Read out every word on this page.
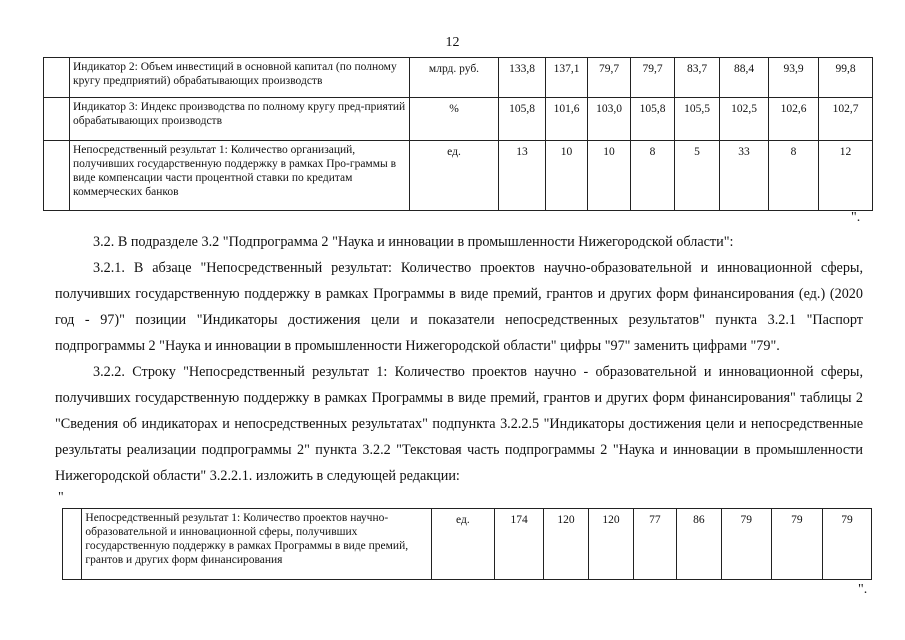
12
	Индикатор 2: Объем инвестиций в основной капитал (по полному кругу предприятий) обрабатывающих производств	млрд. руб.	133,8	137,1	79,7	79,7	83,7	88,4	93,9	99,8
	Индикатор 3: Индекс производства по полному кругу пред-приятий обрабатывающих производств	%	105,8	101,6	103,0	105,8	105,5	102,5	102,6	102,7
	Непосредственный результат 1: Количество организаций, получивших государственную поддержку в рамках Про-граммы в виде компенсации части процентной ставки по кредитам коммерческих банков	ед.	13	10	10	8	5	33	8	12
".

3.2. В подразделе 3.2 "Подпрограмма 2 "Наука и инновации в промышленности Нижегородской области":

3.2.1. В абзаце "Непосредственный результат: Количество проектов научно-образовательной и инновационной сферы, получивших государственную поддержку в рамках Программы в виде премий, грантов и других форм финансирования (ед.) (2020 год - 97)" позиции "Индикаторы достижения цели и показатели непосредственных результатов" пункта 3.2.1 "Паспорт подпрограммы 2 "Наука и инновации в промышленности Нижегородской области" цифры "97" заменить цифрами "79".

3.2.2. Строку "Непосредственный результат 1: Количество проектов научно - образовательной и инновационной сферы, получивших государственную поддержку в рамках Программы в виде премий, грантов и других форм финансирования" таблицы 2 "Сведения об индикаторах и непосредственных результатах" подпункта 3.2.2.5 "Индикаторы достижения цели и непосредственные результаты реализации подпрограммы 2" пункта 3.2.2 "Текстовая часть подпрограммы 2 "Наука и инновации в промышленности Нижегородской области" 3.2.2.1. изложить в следующей редакции:

"
	Непосредственный результат 1: Количество проектов научно-образовательной и инновационной сферы, получивших государственную поддержку в рамках Программы в виде премий, грантов и других форм финансирования	ед.	174	120	120	77	86	79	79	79
".
